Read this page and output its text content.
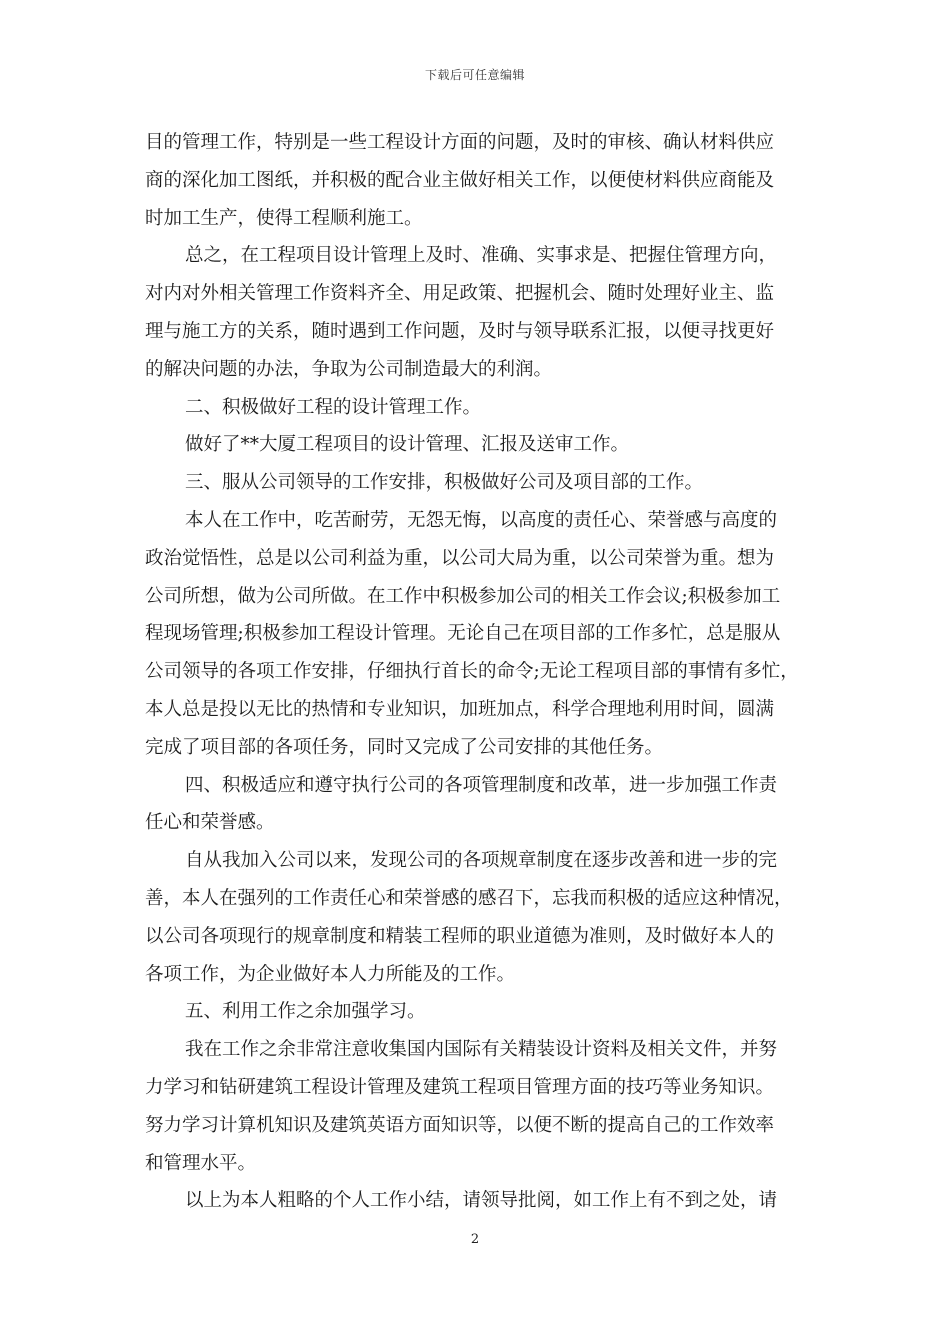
下载后可任意编辑
目的管理工作，特别是一些工程设计方面的问题，及时的审核、确认材料供应
商的深化加工图纸，并积极的配合业主做好相关工作，以便使材料供应商能及
时加工生产，使得工程顺利施工。
总之，在工程项目设计管理上及时、准确、实事求是、把握住管理方向，
对内对外相关管理工作资料齐全、用足政策、把握机会、随时处理好业主、监
理与施工方的关系，随时遇到工作问题，及时与领导联系汇报，以便寻找更好
的解决问题的办法，争取为公司制造最大的利润。
二、积极做好工程的设计管理工作。
做好了**大厦工程项目的设计管理、汇报及送审工作。
三、服从公司领导的工作安排，积极做好公司及项目部的工作。
本人在工作中，吃苦耐劳，无怨无悔，以高度的责任心、荣誉感与高度的
政治觉悟性，总是以公司利益为重，以公司大局为重，以公司荣誉为重。想为
公司所想，做为公司所做。在工作中积极参加公司的相关工作会议;积极参加工
程现场管理;积极参加工程设计管理。无论自己在项目部的工作多忙，总是服从
公司领导的各项工作安排，仔细执行首长的命令;无论工程项目部的事情有多忙，
本人总是投以无比的热情和专业知识，加班加点，科学合理地利用时间，圆满
完成了项目部的各项任务，同时又完成了公司安排的其他任务。
四、积极适应和遵守执行公司的各项管理制度和改革，进一步加强工作责
任心和荣誉感。
自从我加入公司以来，发现公司的各项规章制度在逐步改善和进一步的完
善，本人在强列的工作责任心和荣誉感的感召下，忘我而积极的适应这种情况，
以公司各项现行的规章制度和精装工程师的职业道德为准则，及时做好本人的
各项工作，为企业做好本人力所能及的工作。
五、利用工作之余加强学习。
我在工作之余非常注意收集国内国际有关精装设计资料及相关文件，并努
力学习和钻研建筑工程设计管理及建筑工程项目管理方面的技巧等业务知识。
努力学习计算机知识及建筑英语方面知识等，以便不断的提高自己的工作效率
和管理水平。
以上为本人粗略的个人工作小结，请领导批阅，如工作上有不到之处，请
2
